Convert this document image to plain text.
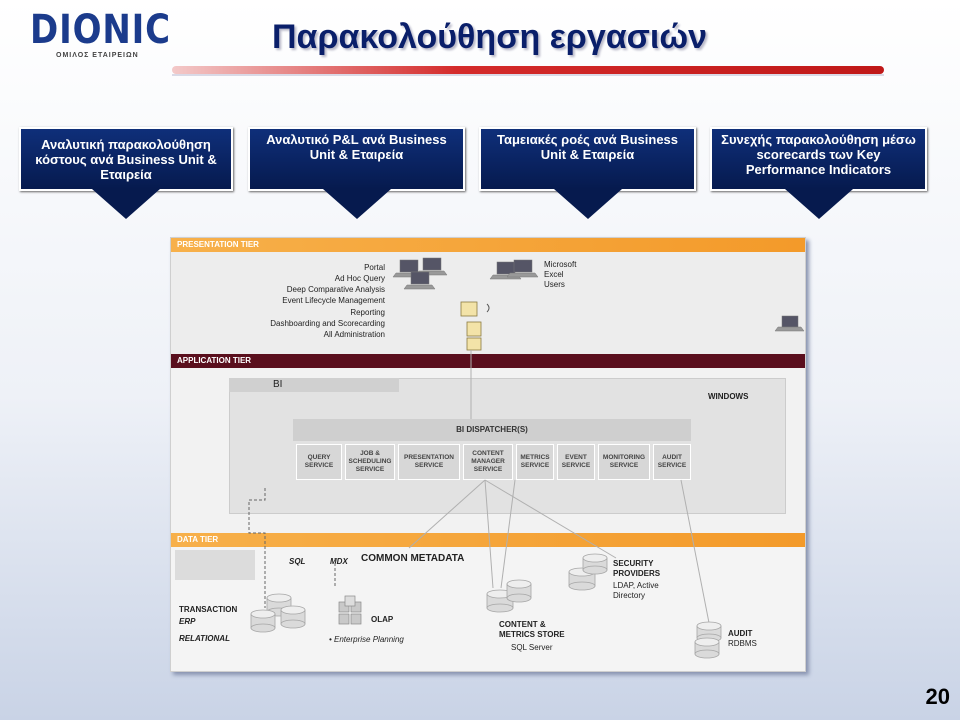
DIONIC
ΟΜΙΛΟΣ ΕΤΑΙΡΕΙΩΝ	Παρακολούθηση εργασιών
Αναλυτική παρακολούθηση κόστους ανά Business Unit & Εταιρεία
Αναλυτικό P&L ανά Business Unit & Εταιρεία
Ταμειακές ροές ανά Business Unit & Εταιρεία
Συνεχής παρακολούθηση μέσω scorecards των Key Performance Indicators
PRESENTATION TIER
Portal
Ad Hoc Query
Deep Comparative Analysis
Event Lifecycle Management
Reporting
Dashboarding and Scorecarding
All Administration
Microsoft
Excel
Users
APPLICATION TIER
BI
WINDOWS
BI DISPATCHER(S)
QUERY SERVICE
JOB & SCHEDULING SERVICE
PRESENTATION SERVICE
CONTENT MANAGER SERVICE
METRICS SERVICE
EVENT SERVICE
MONITORING SERVICE
AUDIT SERVICE
DATA TIER
SQL	MDX COMMON METADATA
TRANSACTION
ERP
RELATIONAL
OLAP
• Enterprise Planning
CONTENT &
METRICS STORE
SQL Server
SECURITY
PROVIDERS
LDAP, Active
Directory
AUDIT
RDBMS
20
